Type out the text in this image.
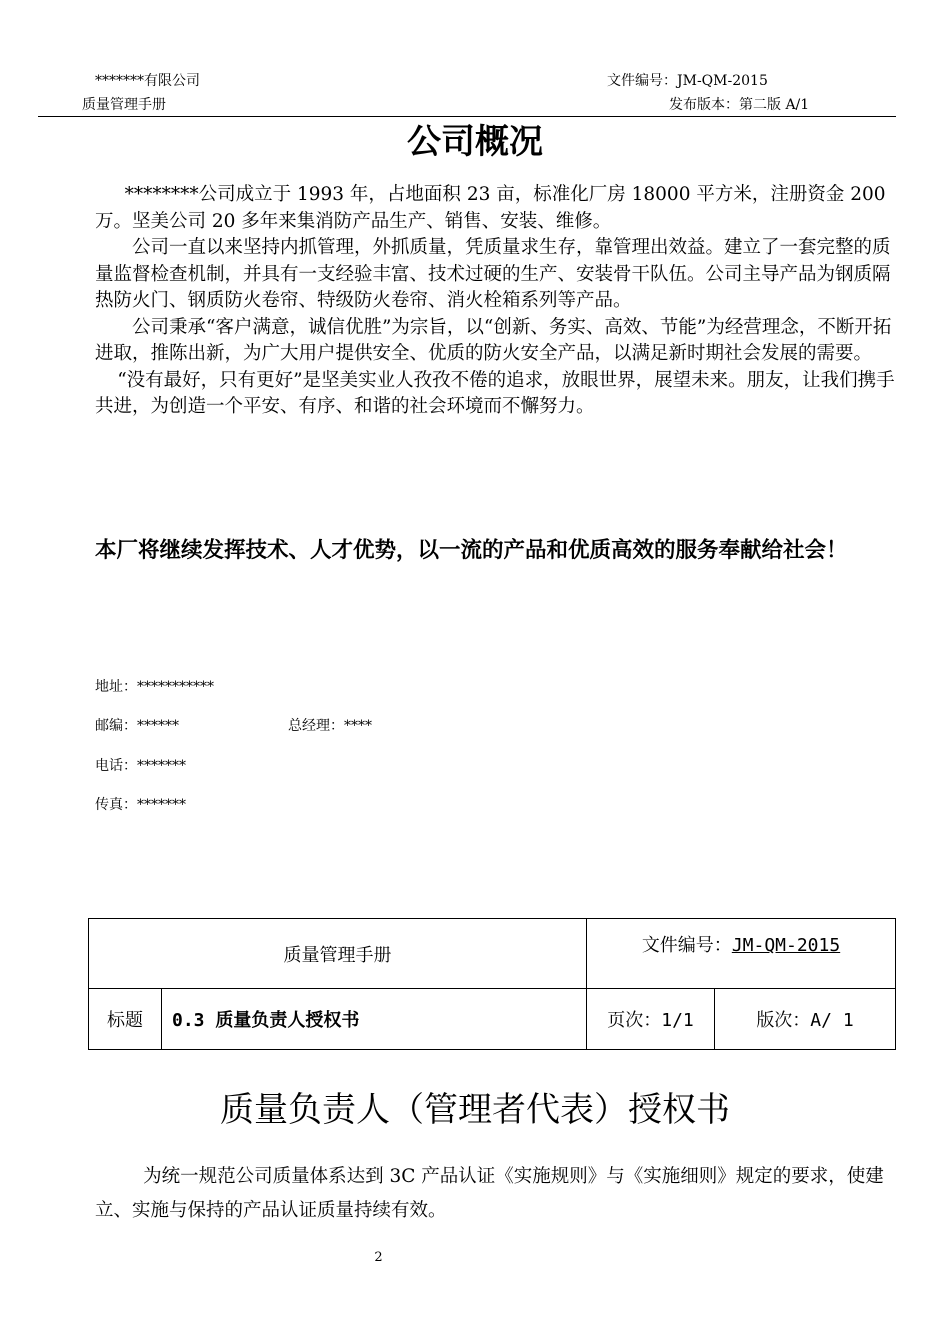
*******有限公司	文件编号：JM-QM-2015
质量管理手册	发布版本：第二版 A/1
公司概况

********公司成立于 1993 年，占地面积 23 亩，标准化厂房 18000 平方米，注册资金 200 万。坚美公司 20 多年来集消防产品生产、销售、安装、维修。

公司一直以来坚持内抓管理，外抓质量，凭质量求生存，靠管理出效益。建立了一套完整的质量监督检查机制，并具有一支经验丰富、技术过硬的生产、安装骨干队伍。公司主导产品为钢质隔热防火门、钢质防火卷帘、特级防火卷帘、消火栓箱系列等产品。

公司秉承“客户满意，诚信优胜”为宗旨，以“创新、务实、高效、节能”为经营理念，不断开拓进取，推陈出新，为广大用户提供安全、优质的防火安全产品，以满足新时期社会发展的需要。

“没有最好，只有更好”是坚美实业人孜孜不倦的追求，放眼世界，展望未来。朋友，让我们携手共进，为创造一个平安、有序、和谐的社会环境而不懈努力。

本厂将继续发挥技术、人才优势，以一流的产品和优质高效的服务奉献给社会！
地址：***********
邮编：******	总经理：****
电话：*******
传真：*******
质量管理手册		文件编号：JM-QM-2015	
标题	0.3 质量负责人授权书	页次：1/1	版次：A/ 1
质量负责人（管理者代表）授权书

为统一规范公司质量体系达到 3C 产品认证《实施规则》与《实施细则》规定的要求，使建立、实施与保持的产品认证质量持续有效。

2
